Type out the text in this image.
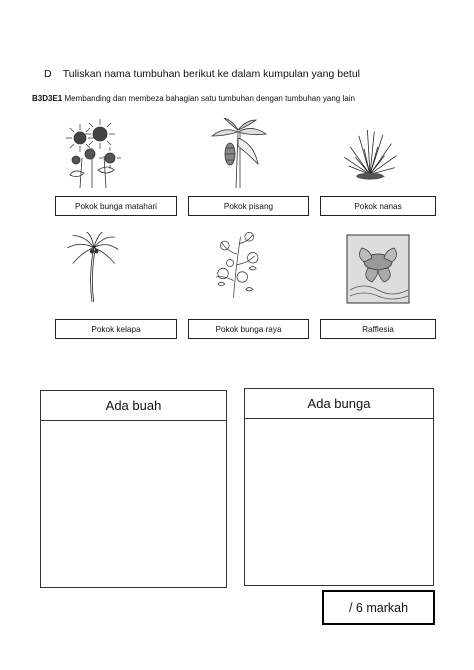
D Tuliskan nama tumbuhan berikut ke dalam kumpulan yang betul
B3D3E1 Membanding dan membeza bahagian satu tumbuhan dengan tumbuhan yang lain
Pokok bunga matahari	Pokok pisang	Pokok nanas
Pokok kelapa	Pokok bunga raya	Rafflesia
Ada buah	Ada bunga
/ 6 markah
